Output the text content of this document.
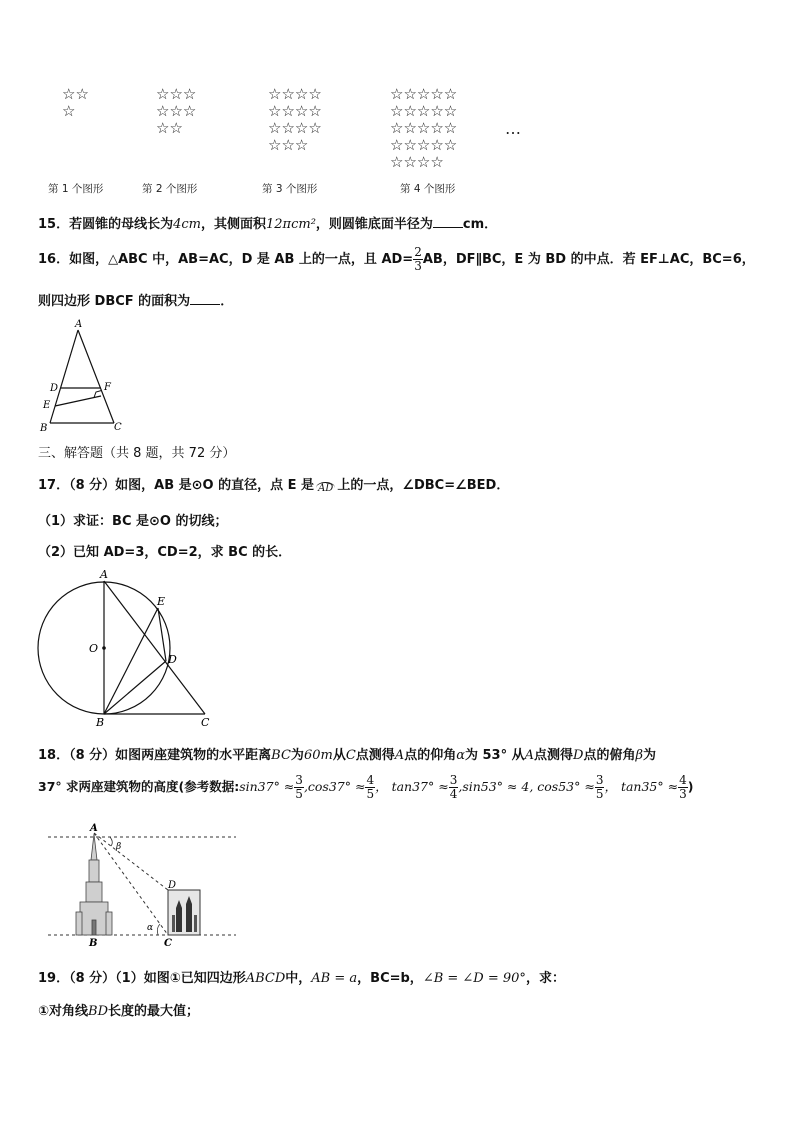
☆☆
☆
☆☆☆
☆☆☆
☆☆
☆☆☆☆
☆☆☆☆
☆☆☆☆
☆☆☆
☆☆☆☆☆
☆☆☆☆☆
☆☆☆☆☆
☆☆☆☆☆
☆☆☆☆
…
第 1 个图形	第 2 个图形	第 3 个图形	第 4 个图形
15．若圆锥的母线长为4cm，其侧面积12πcm²，则圆锥底面半径为 cm．
16．如图，△ABC 中，AB=AC，D 是 AB 上的一点，且 $AD= \frac{2}{3}$ AB，DF∥BC，E 为 BD 的中点．若 EF⊥AC，BC=6，
则四边形 DBCF 的面积为 ．
A
D	F
E
B	C
三、解答题（共 8 题，共 72 分）
17．（8 分）如图，AB 是⊙O 的直径，点 E 是 AD 上的一点，∠DBC=∠BED．
（1）求证：BC 是⊙O 的切线；
（2）已知 AD=3，CD=2，求 BC 的长．
A
E
O
D
B	C
18．（8 分）如图两座建筑物的水平距离BC为60m从C点测得A点的仰角α为 53° 从A点测得D点的俯角β为
37° 求两座建筑物的高度(参考数据:sin37° ≈ $\frac{3}{5} ,\cos 37^\circ \approx \frac{4}{5}$ ， $\tan 37^\circ \approx \frac{3}{4} ,\sin 53^\circ \approx 4$, $\cos 53^\circ \approx \frac{3}{5}$ ， $\tan 35^\circ \approx \frac{4}{3}$ )
A
β
D
α
B	C
19．（8 分）（1）如图①已知四边形ABCD中，AB = a，BC=b，∠B = ∠D = 90°，求：
①对角线BD长度的最大值；
